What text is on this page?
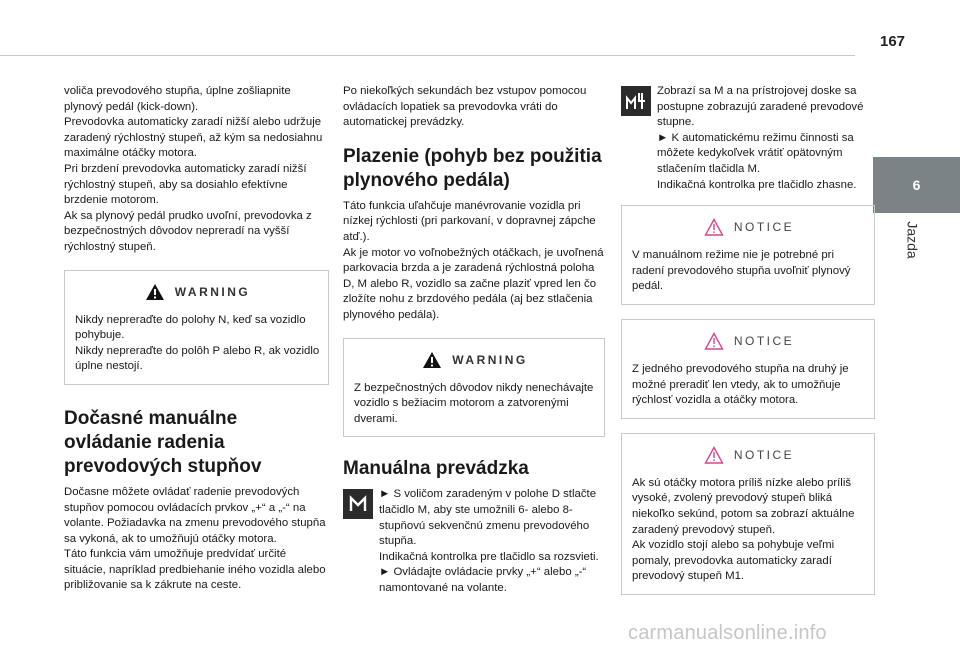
167
6
Jazda

voliča prevodového stupňa, úplne zošliapnite plynový pedál (kick-down).
Prevodovka automaticky zaradí nižší alebo udržuje zaradený rýchlostný stupeň, až kým sa nedosiahnu maximálne otáčky motora.
Pri brzdení prevodovka automaticky zaradí nižší rýchlostný stupeň, aby sa dosiahlo efektívne brzdenie motorom.
Ak sa plynový pedál prudko uvoľní, prevodovka z bezpečnostných dôvodov nepreradí na vyšší rýchlostný stupeň.

WARNING

Nikdy nepreraďte do polohy N, keď sa vozidlo pohybuje.
Nikdy nepreraďte do polôh P alebo R, ak vozidlo úplne nestojí.

Dočasné manuálne ovládanie radenia prevodových stupňov

Dočasne môžete ovládať radenie prevodových stupňov pomocou ovládacích prvkov „+“ a „-“ na volante. Požiadavka na zmenu prevodového stupňa sa vykoná, ak to umožňujú otáčky motora.
Táto funkcia vám umožňuje predvídať určité situácie, napríklad predbiehanie iného vozidla alebo približovanie sa k zákrute na ceste.

Po niekoľkých sekundách bez vstupov pomocou ovládacích lopatiek sa prevodovka vráti do automatickej prevádzky.

Plazenie (pohyb bez použitia plynového pedála)

Táto funkcia uľahčuje manévrovanie vozidla pri nízkej rýchlosti (pri parkovaní, v dopravnej zápche atď.).
Ak je motor vo voľnobežných otáčkach, je uvoľnená parkovacia brzda a je zaradená rýchlostná poloha D, M alebo R, vozidlo sa začne plaziť vpred len čo zložíte nohu z brzdového pedála (aj bez stlačenia plynového pedála).

WARNING

Z bezpečnostných dôvodov nikdy nenechávajte vozidlo s bežiacim motorom a zatvorenými dverami.

Manuálna prevádzka

► S voličom zaradeným v polohe D stlačte tlačidlo M, aby ste umožnili 6- alebo 8-stupňovú sekvenčnú zmenu prevodového stupňa.
Indikačná kontrolka pre tlačidlo sa rozsvieti.
► Ovládajte ovládacie prvky „+“ alebo „-“ namontované na volante.

Zobrazí sa M a na prístrojovej doske sa postupne zobrazujú zaradené prevodové stupne.
► K automatickému režimu činnosti sa môžete kedykoľvek vrátiť opätovným stlačením tlačidla M.
Indikačná kontrolka pre tlačidlo zhasne.

NOTICE

V manuálnom režime nie je potrebné pri radení prevodového stupňa uvoľniť plynový pedál.

NOTICE

Z jedného prevodového stupňa na druhý je možné preradiť len vtedy, ak to umožňuje rýchlosť vozidla a otáčky motora.

NOTICE

Ak sú otáčky motora príliš nízke alebo príliš vysoké, zvolený prevodový stupeň bliká niekoľko sekúnd, potom sa zobrazí aktuálne zaradený prevodový stupeň.
Ak vozidlo stojí alebo sa pohybuje veľmi pomaly, prevodovka automaticky zaradí prevodový stupeň M1.

carmanualsonline.info
